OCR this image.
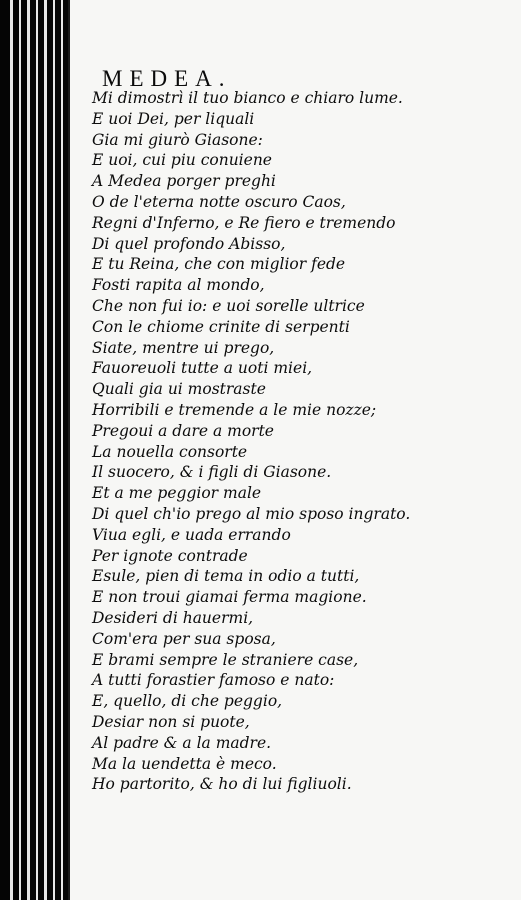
MEDEA.
Mi dimostrì il tuo bianco e chiaro lume.
E uoi Dei, per liquali
Gia mi giurò Giasone:
E uoi, cui piu conuiene
A Medea porger preghi
O de l'eterna notte oscuro Caos,
Regni d'Inferno, e Re fiero e tremendo
Di quel profondo Abisso,
E tu Reina, che con miglior fede
Fosti rapita al mondo,
Che non fui io: e uoi sorelle ultrice
Con le chiome crinite di serpenti
Siate, mentre ui prego,
Fauoreuoli tutte a uoti miei,
Quali gia ui mostraste
Horribili e tremende a le mie nozze;
Pregoui a dare a morte
La nouella consorte
Il suocero, & i figli di Giasone.
Et a me peggior male
Di quel ch'io prego al mio sposo ingrato.
Viua egli, e uada errando
Per ignote contrade
Esule, pien di tema in odio a tutti,
E non troui giamai ferma magione.
Desideri di hauermi,
Com'era per sua sposa,
E brami sempre le straniere case,
A tutti forastier famoso e nato:
E, quello, di che peggio,
Desiar non si puote,
Al padre & a la madre.
Ma la uendetta è meco.
Ho partorito, & ho di lui figliuoli.
